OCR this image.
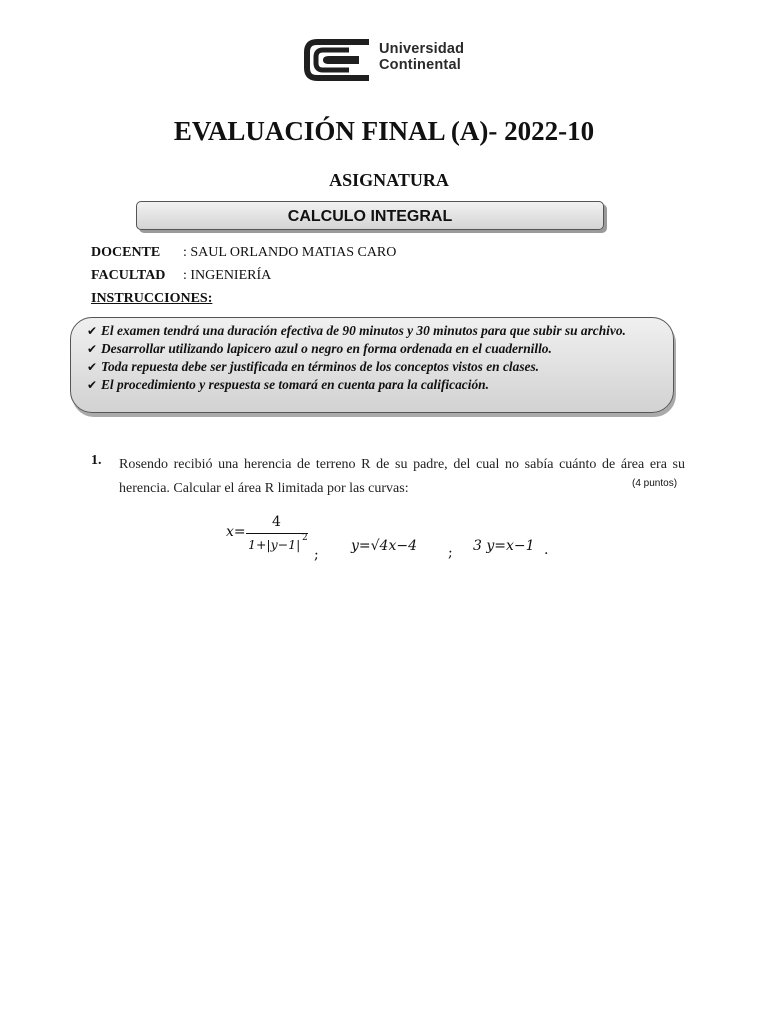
Universidad
Continental
EVALUACIÓN FINAL (A)- 2022-10
ASIGNATURA
CALCULO INTEGRAL
DOCENTE : SAUL ORLANDO MATIAS CARO
FACULTAD : INGENIERÍA
INSTRUCCIONES:
✔ El examen tendrá una duración efectiva de 90 minutos y 30 minutos para que subir su archivo.
✔ Desarrollar utilizando lapicero azul o negro en forma ordenada en el cuadernillo.
✔ Toda repuesta debe ser justificada en términos de los conceptos vistos en clases.
✔ El procedimiento y respuesta se tomará en cuenta para la calificación.
1. Rosendo recibió una herencia de terreno R de su padre, del cual no sabía cuánto de área era su herencia. Calcular el área R limitada por las curvas:	(4 puntos)
x=
4
1+|y−1| 2
;
y=√4x−4 ; 3 y=x−1 .
